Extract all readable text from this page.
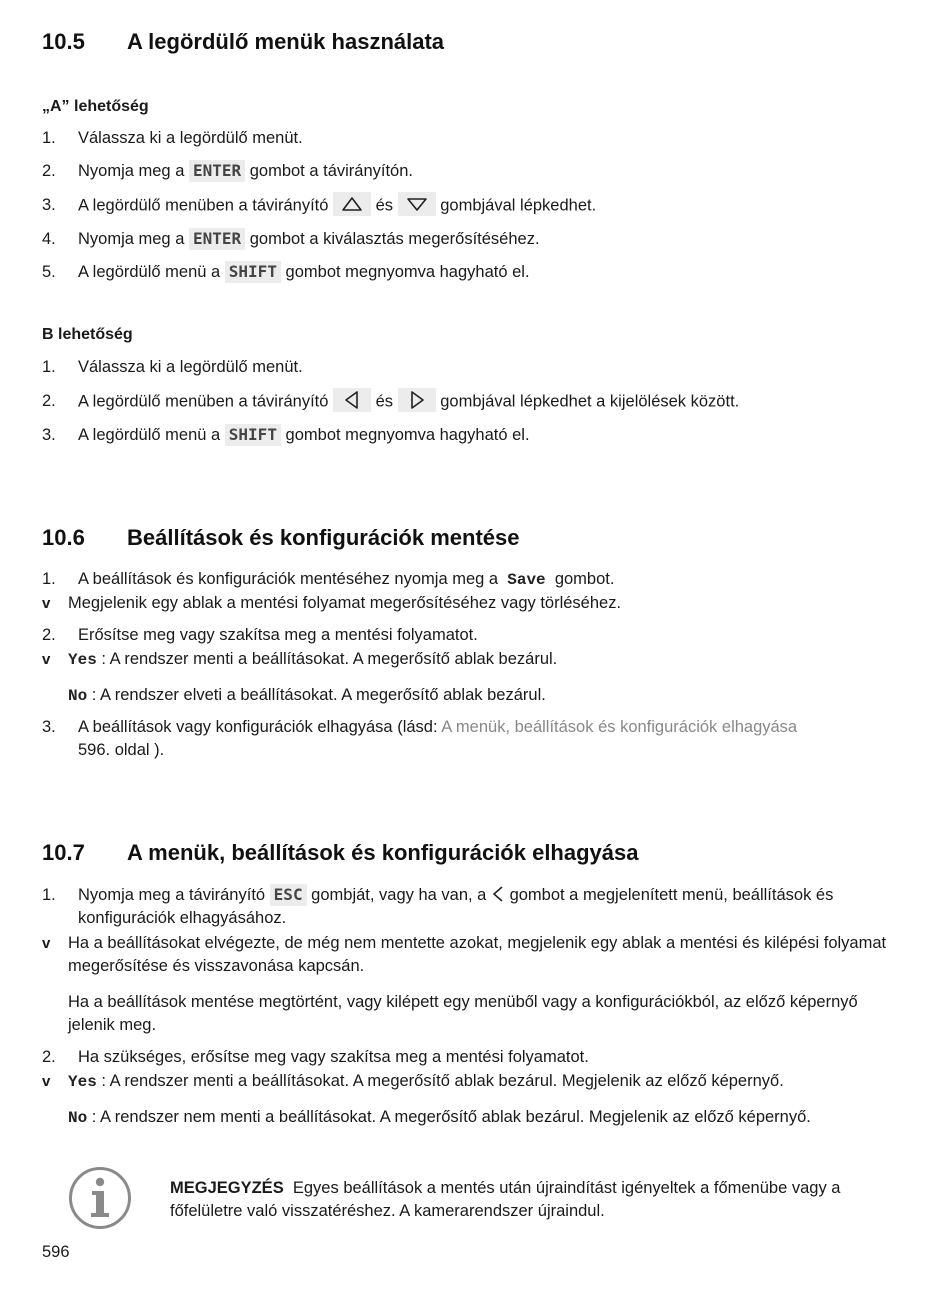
10.5 A legördülő menük használata
„A” lehetőség
1. Válassza ki a legördülő menüt.
2. Nyomja meg a ENTER gombot a távirányítón.
3. A legördülő menüben a távirányító	és	gombjával lépkedhet.
4. Nyomja meg a ENTER gombot a kiválasztás megerősítéséhez.
5. A legördülő menü a SHIFT gombot megnyomva hagyható el.
B lehetőség
1. Válassza ki a legördülő menüt.
2. A legördülő menüben a távirányító	és	gombjával lépkedhet a kijelölések között.
3. A legördülő menü a SHIFT gombot megnyomva hagyható el.
10.6 Beállítások és konfigurációk mentése
1. A beállítások és konfigurációk mentéséhez nyomja meg a Save gombot.
v Megjelenik egy ablak a mentési folyamat megerősítéséhez vagy törléséhez.
2. Erősítse meg vagy szakítsa meg a mentési folyamatot.
v Yes : A rendszer menti a beállításokat. A megerősítő ablak bezárul.
No : A rendszer elveti a beállításokat. A megerősítő ablak bezárul.
3. A beállítások vagy konfigurációk elhagyása (lásd: A menük, beállítások és konfigurációk elhagyása
596. oldal ).
10.7 A menük, beállítások és konfigurációk elhagyása
1. Nyomja meg a távirányító ESC gombját, vagy ha van, a gombot a megjelenített menü, beállítások és konfigurációk elhagyásához.
v Ha a beállításokat elvégezte, de még nem mentette azokat, megjelenik egy ablak a mentési és kilépési folyamat megerősítése és visszavonása kapcsán.
Ha a beállítások mentése megtörtént, vagy kilépett egy menüből vagy a konfigurációkból, az előző képernyő jelenik meg.
2. Ha szükséges, erősítse meg vagy szakítsa meg a mentési folyamatot.
v Yes : A rendszer menti a beállításokat. A megerősítő ablak bezárul. Megjelenik az előző képernyő.
No : A rendszer nem menti a beállításokat. A megerősítő ablak bezárul. Megjelenik az előző képernyő.
MEGJEGYZÉS Egyes beállítások a mentés után újraindítást igényeltek a főmenübe vagy a főfelületre való visszatéréshez. A kamerarendszer újraindul.
596
